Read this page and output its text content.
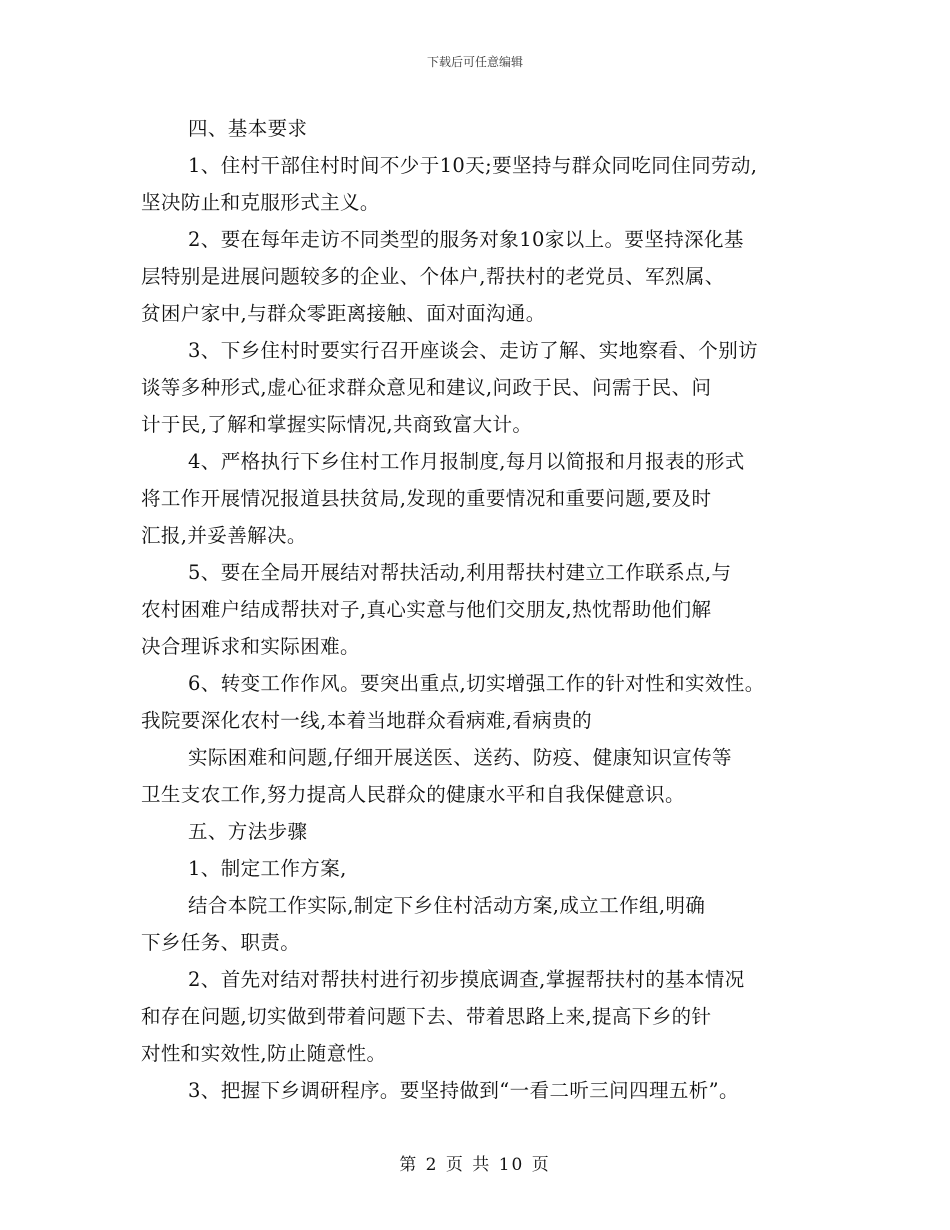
下载后可任意编辑
四、基本要求
1、住村干部住村时间不少于10天;要坚持与群众同吃同住同劳动,
坚决防止和克服形式主义。
2、要在每年走访不同类型的服务对象10家以上。要坚持深化基
层特别是进展问题较多的企业、个体户,帮扶村的老党员、军烈属、
贫困户家中,与群众零距离接触、面对面沟通。
3、下乡住村时要实行召开座谈会、走访了解、实地察看、个别访
谈等多种形式,虚心征求群众意见和建议,问政于民、问需于民、问
计于民,了解和掌握实际情况,共商致富大计。
4、严格执行下乡住村工作月报制度,每月以简报和月报表的形式
将工作开展情况报道县扶贫局,发现的重要情况和重要问题,要及时
汇报,并妥善解决。
5、要在全局开展结对帮扶活动,利用帮扶村建立工作联系点,与
农村困难户结成帮扶对子,真心实意与他们交朋友,热忱帮助他们解
决合理诉求和实际困难。
6、转变工作作风。要突出重点,切实增强工作的针对性和实效性。
我院要深化农村一线,本着当地群众看病难,看病贵的
实际困难和问题,仔细开展送医、送药、防疫、健康知识宣传等
卫生支农工作,努力提高人民群众的健康水平和自我保健意识。
五、方法步骤
1、制定工作方案,
结合本院工作实际,制定下乡住村活动方案,成立工作组,明确
下乡任务、职责。
2、首先对结对帮扶村进行初步摸底调查,掌握帮扶村的基本情况
和存在问题,切实做到带着问题下去、带着思路上来,提高下乡的针
对性和实效性,防止随意性。
3、把握下乡调研程序。要坚持做到“一看二听三问四理五析”。
第 2 页 共 10 页
